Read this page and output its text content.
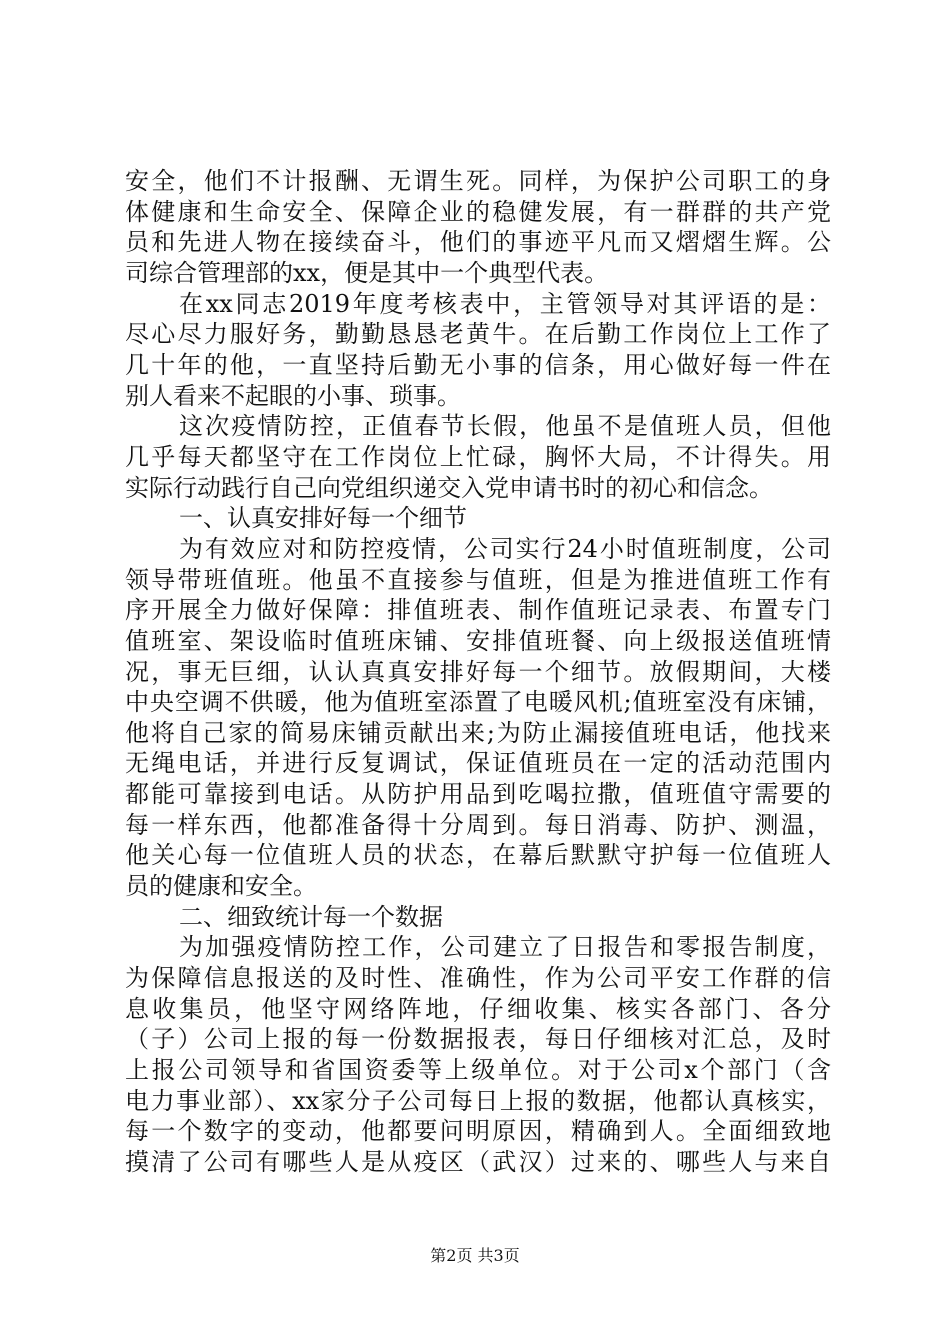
安全，他们不计报酬、无谓生死。同样，为保护公司职工的身
体健康和生命安全、保障企业的稳健发展，有一群群的共产党
员和先进人物在接续奋斗，他们的事迹平凡而又熠熠生辉。公
司综合管理部的xx，便是其中一个典型代表。
在xx同志2019年度考核表中，主管领导对其评语的是：
尽心尽力服好务，勤勤恳恳老黄牛。在后勤工作岗位上工作了
几十年的他，一直坚持后勤无小事的信条，用心做好每一件在
别人看来不起眼的小事、琐事。
这次疫情防控，正值春节长假，他虽不是值班人员，但他
几乎每天都坚守在工作岗位上忙碌，胸怀大局，不计得失。用
实际行动践行自己向党组织递交入党申请书时的初心和信念。
一、认真安排好每一个细节
为有效应对和防控疫情，公司实行24小时值班制度，公司
领导带班值班。他虽不直接参与值班，但是为推进值班工作有
序开展全力做好保障：排值班表、制作值班记录表、布置专门
值班室、架设临时值班床铺、安排值班餐、向上级报送值班情
况，事无巨细，认认真真安排好每一个细节。放假期间，大楼
中央空调不供暖，他为值班室添置了电暖风机;值班室没有床铺，
他将自己家的简易床铺贡献出来;为防止漏接值班电话，他找来
无绳电话，并进行反复调试，保证值班员在一定的活动范围内
都能可靠接到电话。从防护用品到吃喝拉撒，值班值守需要的
每一样东西，他都准备得十分周到。每日消毒、防护、测温，
他关心每一位值班人员的状态，在幕后默默守护每一位值班人
员的健康和安全。
二、细致统计每一个数据
为加强疫情防控工作，公司建立了日报告和零报告制度，
为保障信息报送的及时性、准确性，作为公司平安工作群的信
息收集员，他坚守网络阵地，仔细收集、核实各部门、各分
（子）公司上报的每一份数据报表，每日仔细核对汇总，及时
上报公司领导和省国资委等上级单位。对于公司x个部门（含
电力事业部）、xx家分子公司每日上报的数据，他都认真核实，
每一个数字的变动，他都要问明原因，精确到人。全面细致地
摸清了公司有哪些人是从疫区（武汉）过来的、哪些人与来自
第2页 共3页
